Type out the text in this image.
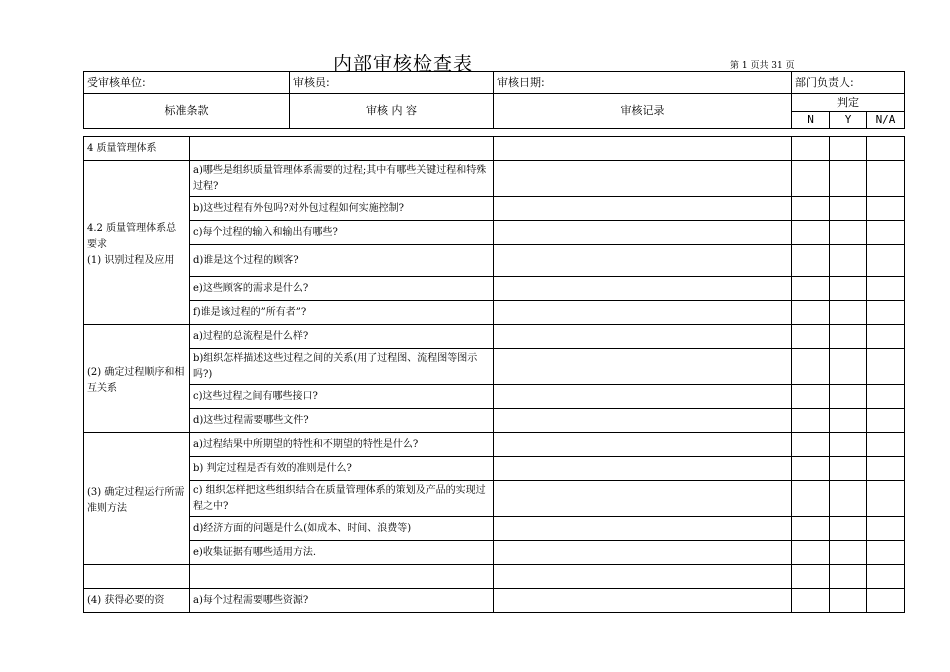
内部审核检查表	第 1 页共 31 页
受审核单位:	审核员:	审核日期:	部门负责人:		
标准条款	审核 内 容	审核记录	判定		
			N	Y	N/A
4 质量管理体系					
4.2 质量管理体系总要求
(1) 识别过程及应用	a)哪些是组织质量管理体系需要的过程;其中有哪些关键过程和特殊过程?				
	b)这些过程有外包吗?对外包过程如何实施控制?				
	c)每个过程的输入和输出有哪些?				
	d)谁是这个过程的顾客?				
	e)这些顾客的需求是什么?				
	f)谁是该过程的”所有者”?				
(2) 确定过程顺序和相互关系	a)过程的总流程是什么样?				
	b)组织怎样描述这些过程之间的关系(用了过程图、流程图等图示吗?)				
	c)这些过程之间有哪些接口?				
	d)这些过程需要哪些文件?				
(3) 确定过程运行所需准则方法	a)过程结果中所期望的特性和不期望的特性是什么?				
	b) 判定过程是否有效的准则是什么?				
	c) 组织怎样把这些组织结合在质量管理体系的策划及产品的实现过程之中?				
	d)经济方面的问题是什么(如成本、时间、浪费等)				
	e)收集证据有哪些适用方法.				

(4) 获得必要的资	a)每个过程需要哪些资源?				
